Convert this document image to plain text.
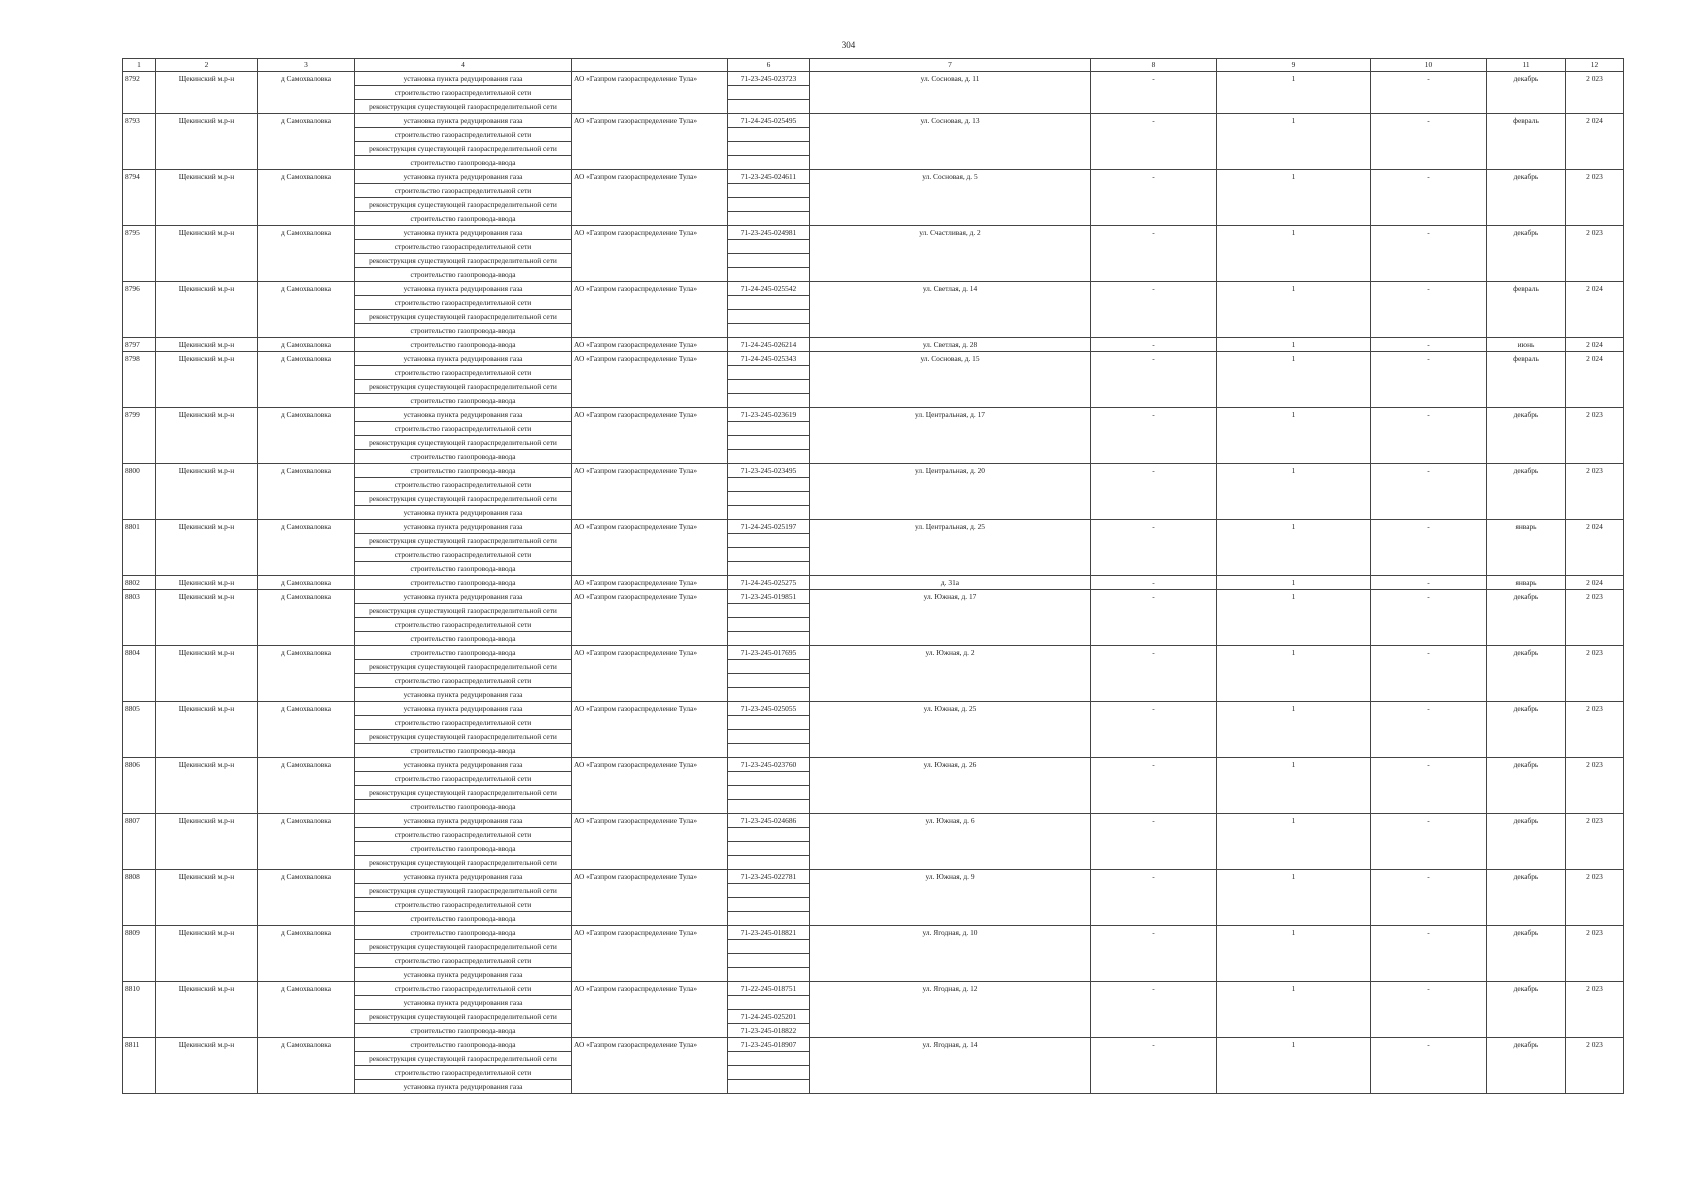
304
1	2	3	4		6	7	8	9	10	11	12
8792	Щекинский м.р-н	д Самохваловка	установка пункта редуцирования газа	АО «Газпром газораспределение Тула»	71-23-245-023723	ул. Сосновая, д. 11	-	1	-	декабрь	2 023
			строительство газораспределительной сети								
			реконструкция существующей газораспределительной сети								
8793	Щекинский м.р-н	д Самохваловка	установка пункта редуцирования газа	АО «Газпром газораспределение Тула»	71-24-245-025495	ул. Сосновая, д. 13	-	1	-	февраль	2 024
			строительство газораспределительной сети								
			реконструкция существующей газораспределительной сети								
			строительство газопровода-ввода								
8794	Щекинский м.р-н	д Самохваловка	установка пункта редуцирования газа	АО «Газпром газораспределение Тула»	71-23-245-024611	ул. Сосновая, д. 5	-	1	-	декабрь	2 023
			строительство газораспределительной сети								
			реконструкция существующей газораспределительной сети								
			строительство газопровода-ввода								
8795	Щекинский м.р-н	д Самохваловка	установка пункта редуцирования газа	АО «Газпром газораспределение Тула»	71-23-245-024981	ул. Счастливая, д. 2	-	1	-	декабрь	2 023
			строительство газораспределительной сети								
			реконструкция существующей газораспределительной сети								
			строительство газопровода-ввода								
8796	Щекинский м.р-н	д Самохваловка	установка пункта редуцирования газа	АО «Газпром газораспределение Тула»	71-24-245-025542	ул. Светлая, д. 14	-	1	-	февраль	2 024
			строительство газораспределительной сети								
			реконструкция существующей газораспределительной сети								
			строительство газопровода-ввода								
8797	Щекинский м.р-н	д Самохваловка	строительство газопровода-ввода	АО «Газпром газораспределение Тула»	71-24-245-026214	ул. Светлая, д. 28	-	1	-	июнь	2 024
8798	Щекинский м.р-н	д Самохваловка	установка пункта редуцирования газа	АО «Газпром газораспределение Тула»	71-24-245-025343	ул. Сосновая, д. 15	-	1	-	февраль	2 024
			строительство газораспределительной сети								
			реконструкция существующей газораспределительной сети								
			строительство газопровода-ввода								
8799	Щекинский м.р-н	д Самохваловка	установка пункта редуцирования газа	АО «Газпром газораспределение Тула»	71-23-245-023619	ул. Центральная, д. 17	-	1	-	декабрь	2 023
			строительство газораспределительной сети								
			реконструкция существующей газораспределительной сети								
			строительство газопровода-ввода								
8800	Щекинский м.р-н	д Самохваловка	строительство газопровода-ввода	АО «Газпром газораспределение Тула»	71-23-245-023495	ул. Центральная, д. 20	-	1	-	декабрь	2 023
			строительство газораспределительной сети								
			реконструкция существующей газораспределительной сети								
			установка пункта редуцирования газа								
8801	Щекинский м.р-н	д Самохваловка	установка пункта редуцирования газа	АО «Газпром газораспределение Тула»	71-24-245-025197	ул. Центральная, д. 25	-	1	-	январь	2 024
			реконструкция существующей газораспределительной сети								
			строительство газораспределительной сети								
			строительство газопровода-ввода								
8802	Щекинский м.р-н	д Самохваловка	строительство газопровода-ввода	АО «Газпром газораспределение Тула»	71-24-245-025275	д. 31а	-	1	-	январь	2 024
8803	Щекинский м.р-н	д Самохваловка	установка пункта редуцирования газа	АО «Газпром газораспределение Тула»	71-23-245-019851	ул. Южная, д. 17	-	1	-	декабрь	2 023
			реконструкция существующей газораспределительной сети								
			строительство газораспределительной сети								
			строительство газопровода-ввода								
8804	Щекинский м.р-н	д Самохваловка	строительство газопровода-ввода	АО «Газпром газораспределение Тула»	71-23-245-017695	ул. Южная, д. 2	-	1	-	декабрь	2 023
			реконструкция существующей газораспределительной сети								
			строительство газораспределительной сети								
			установка пункта редуцирования газа								
8805	Щекинский м.р-н	д Самохваловка	установка пункта редуцирования газа	АО «Газпром газораспределение Тула»	71-23-245-025055	ул. Южная, д. 25	-	1	-	декабрь	2 023
			строительство газораспределительной сети								
			реконструкция существующей газораспределительной сети								
			строительство газопровода-ввода								
8806	Щекинский м.р-н	д Самохваловка	установка пункта редуцирования газа	АО «Газпром газораспределение Тула»	71-23-245-023760	ул. Южная, д. 26	-	1	-	декабрь	2 023
			строительство газораспределительной сети								
			реконструкция существующей газораспределительной сети								
			строительство газопровода-ввода								
8807	Щекинский м.р-н	д Самохваловка	установка пункта редуцирования газа	АО «Газпром газораспределение Тула»	71-23-245-024686	ул. Южная, д. 6	-	1	-	декабрь	2 023
			строительство газораспределительной сети								
			строительство газопровода-ввода								
			реконструкция существующей газораспределительной сети								
8808	Щекинский м.р-н	д Самохваловка	установка пункта редуцирования газа	АО «Газпром газораспределение Тула»	71-23-245-022781	ул. Южная, д. 9	-	1	-	декабрь	2 023
			реконструкция существующей газораспределительной сети								
			строительство газораспределительной сети								
			строительство газопровода-ввода								
8809	Щекинский м.р-н	д Самохваловка	строительство газопровода-ввода	АО «Газпром газораспределение Тула»	71-23-245-018821	ул. Ягодная, д. 10	-	1	-	декабрь	2 023
			реконструкция существующей газораспределительной сети								
			строительство газораспределительной сети								
			установка пункта редуцирования газа								
8810	Щекинский м.р-н	д Самохваловка	строительство газораспределительной сети	АО «Газпром газораспределение Тула»	71-22-245-018751	ул. Ягодная, д. 12	-	1	-	декабрь	2 023
			установка пункта редуцирования газа								
			реконструкция существующей газораспределительной сети		71-24-245-025201						
			строительство газопровода-ввода		71-23-245-018822						
8811	Щекинский м.р-н	д Самохваловка	строительство газопровода-ввода	АО «Газпром газораспределение Тула»	71-23-245-018907	ул. Ягодная, д. 14	-	1	-	декабрь	2 023
			реконструкция существующей газораспределительной сети								
			строительство газораспределительной сети								
			установка пункта редуцирования газа								
